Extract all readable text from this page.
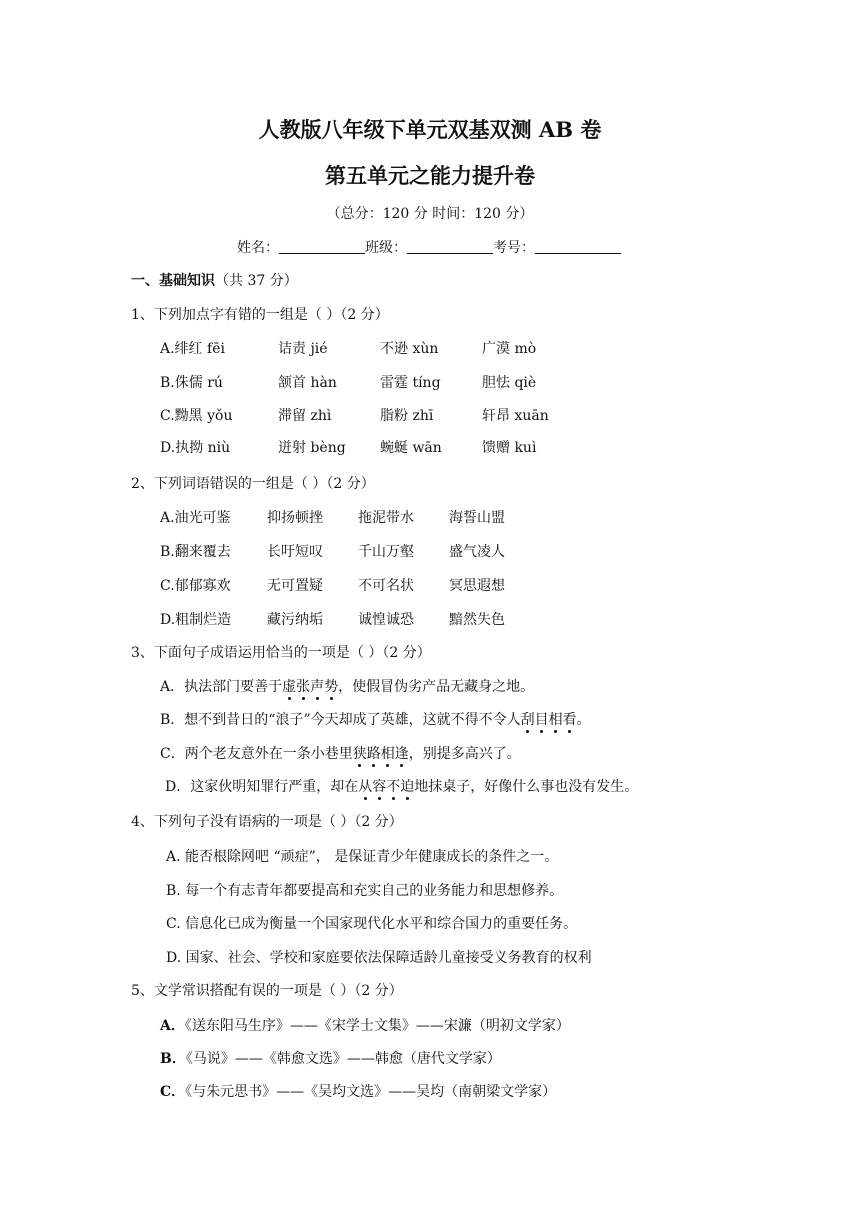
人教版八年级下单元双基双测 AB 卷
第五单元之能力提升卷
（总分：120 分 时间：120 分）
姓名：	班级：	考号：
一、基础知识（共 37 分）
1、下列加点字有错的一组是（ ）（2 分）
A.绯红 fēi	诘责 jié	不逊 xùn	广漠 mò
B.侏儒 rú	颔首 hàn	雷霆 tíng	胆怯 qiè
C.黝黑 yǒu	滞留 zhì	脂粉 zhī	轩昂 xuān
D.执拗 niù	迸射 bèng 蜿蜒 wān	馈赠 kuì
2、下列词语错误的一组是（ ）（2 分）
A.油光可鉴	抑扬顿挫	拖泥带水	海誓山盟
B.翻来覆去	长吁短叹	千山万壑	盛气凌人
C.郁郁寡欢	无可置疑	不可名状	冥思遐想
D.粗制烂造	藏污纳垢	诚惶诚恐	黯然失色
3、下面句子成语运用恰当的一项是（ ）（2 分）
A．执法部门要善于虚张声势，使假冒伪劣产品无藏身之地。
B．想不到昔日的“浪子”今天却成了英雄，这就不得不令人刮目相看。
C．两个老友意外在一条小巷里狭路相逢，别提多高兴了。
D．这家伙明知罪行严重，却在从容不迫地抹桌子，好像什么事也没有发生。
4、下列句子没有语病的一项是（ ）（2 分）
A. 能否根除网吧 “顽症”， 是保证青少年健康成长的条件之一。
B. 每一个有志青年都要提高和充实自己的业务能力和思想修养。
C. 信息化已成为衡量一个国家现代化水平和综合国力的重要任务。
D. 国家、社会、学校和家庭要依法保障适龄儿童接受义务教育的权利
5、文学常识搭配有误的一项是（ ）（2 分）
A．《送东阳马生序》——《宋学士文集》——宋濂（明初文学家）
B．《马说》——《韩愈文选》——韩愈（唐代文学家）
C．《与朱元思书》——《吴均文选》——吴均（南朝梁文学家）
